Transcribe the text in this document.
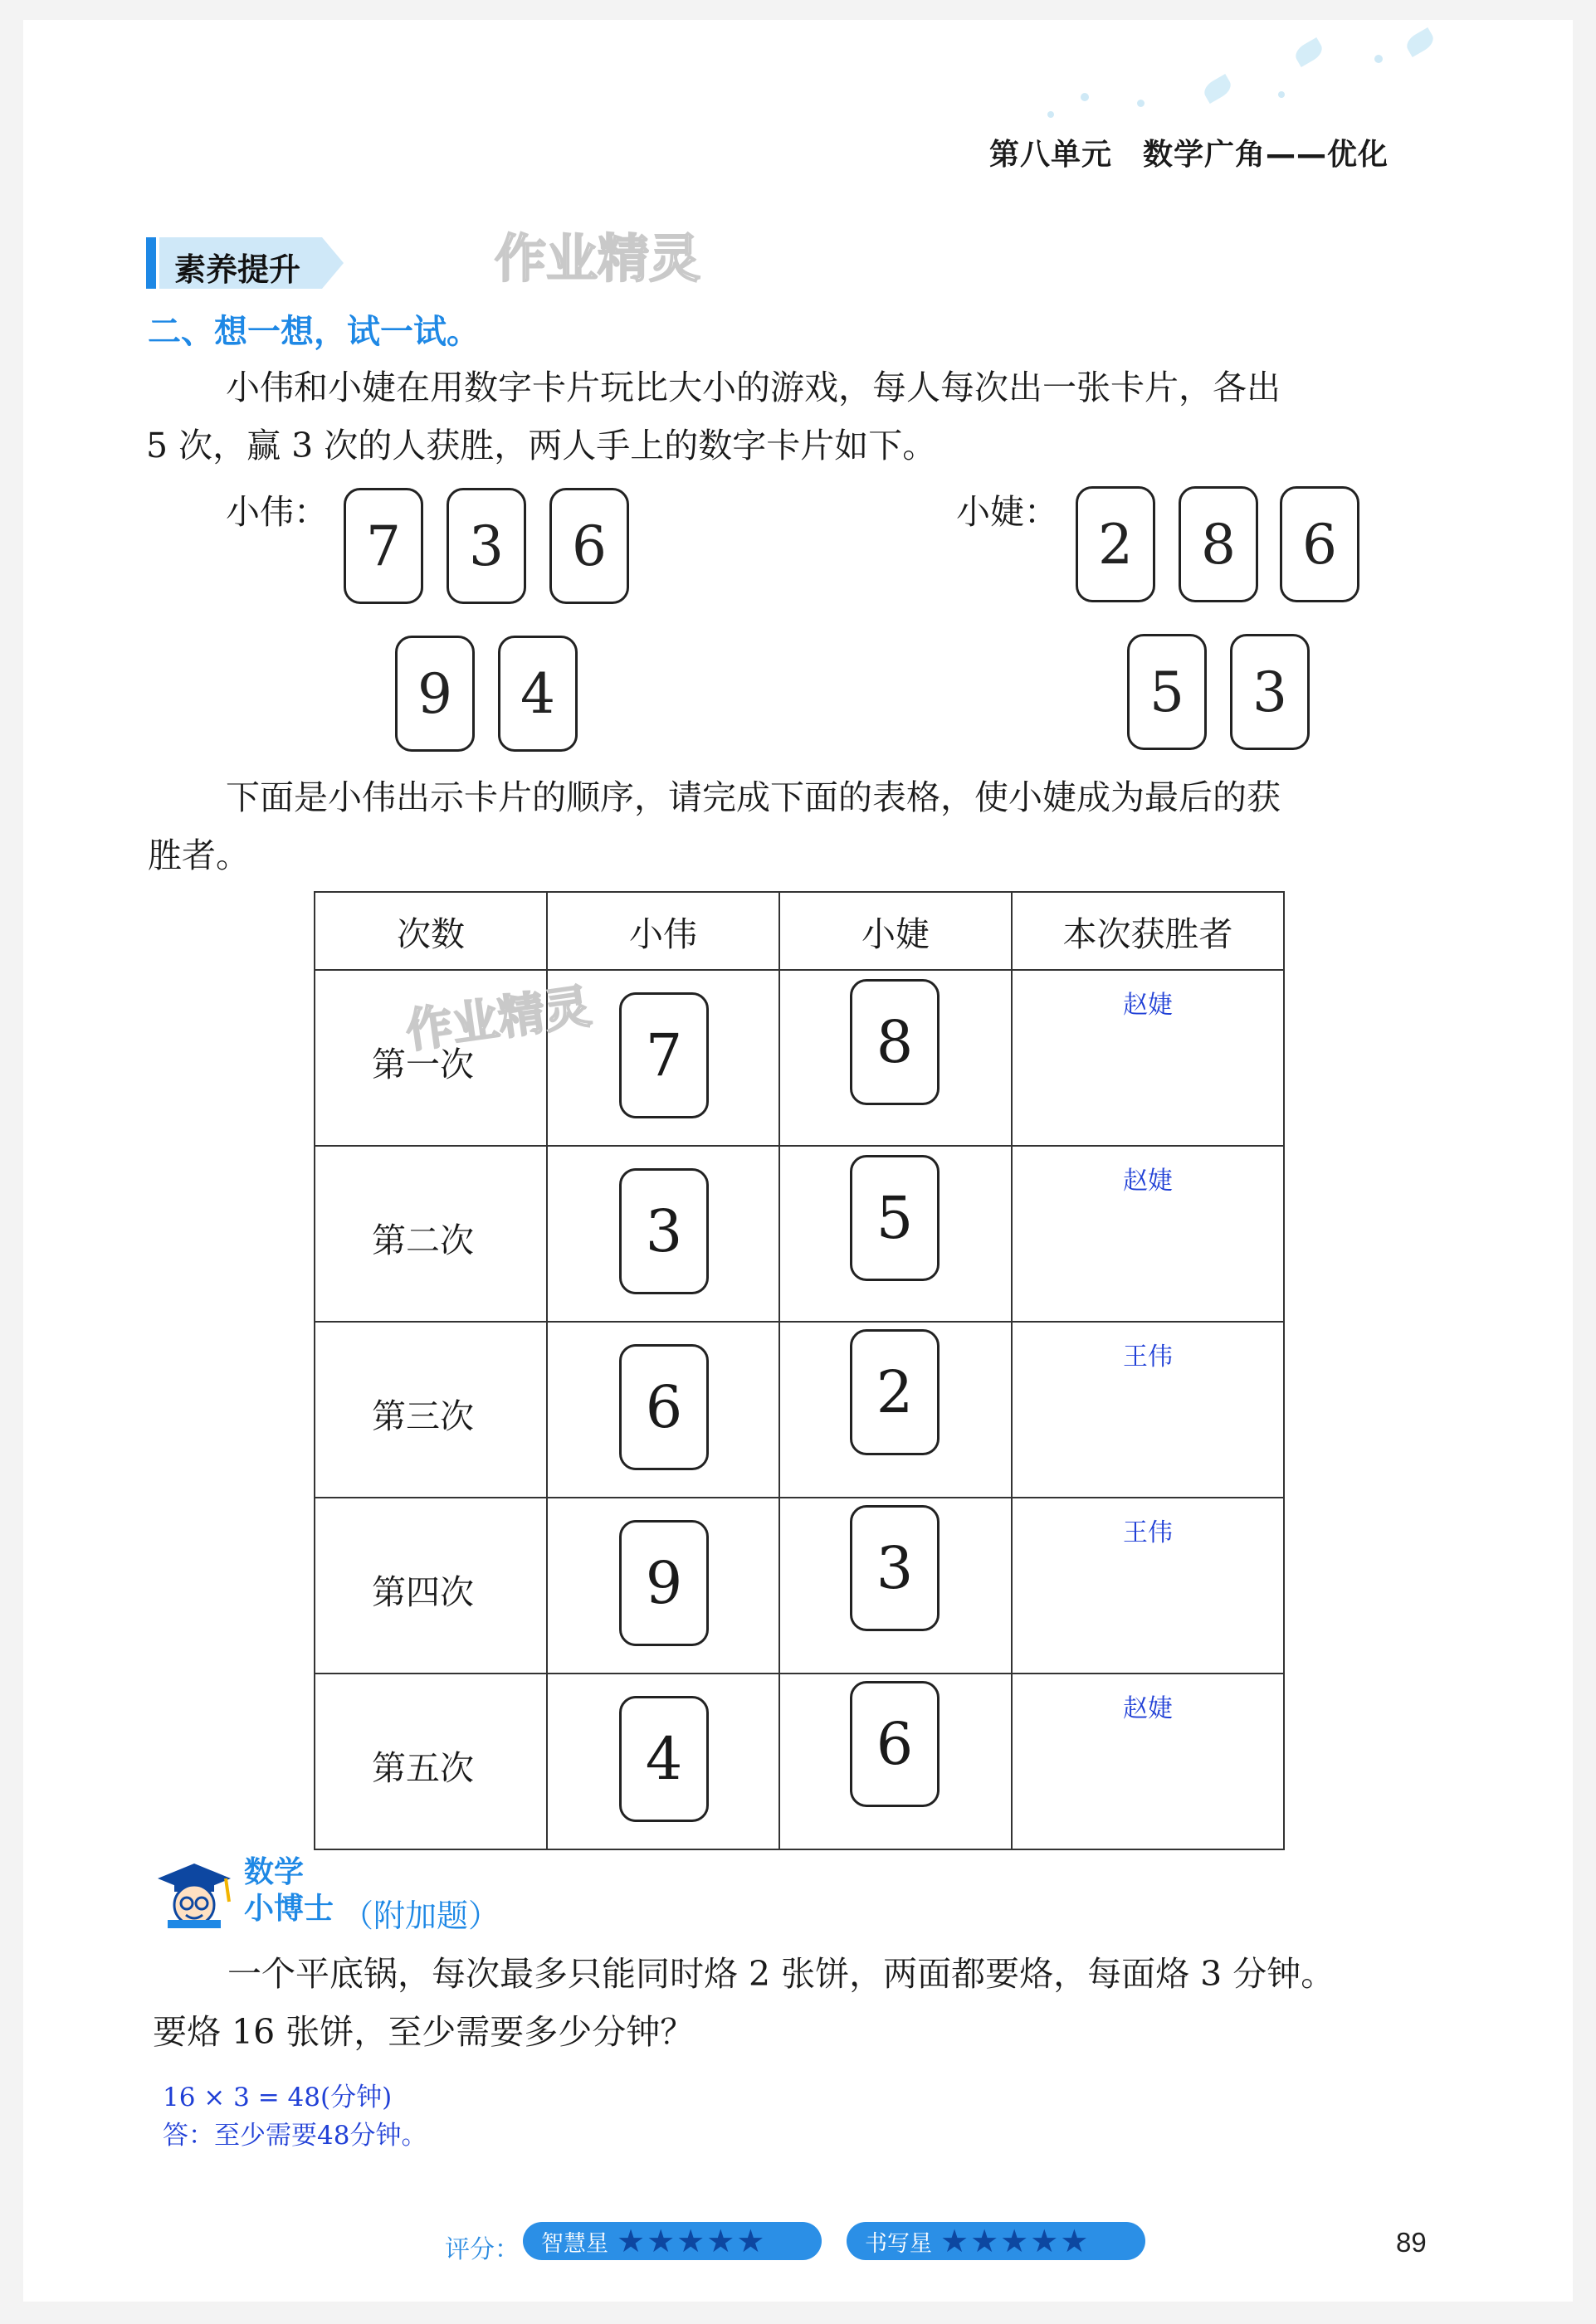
第八单元　数学广角——优化
素养提升	作业精灵
二、想一想，试一试。
小伟和小婕在用数字卡片玩比大小的游戏，每人每次出一张卡片，各出
5 次，赢 3 次的人获胜，两人手上的数字卡片如下。
小伟：
7	3	6
9	4
小婕：
2	8	6
5	3
下面是小伟出示卡片的顺序，请完成下面的表格，使小婕成为最后的获
胜者。
次数	小伟	小婕	本次获胜者

第一次	7	8	赵婕

第二次	3	5	赵婕

第三次	6	2	王伟

第四次	9	3	王伟

第五次	4	6	赵婕
作业精灵
数学
小博士 （附加题）
一个平底锅，每次最多只能同时烙 2 张饼，两面都要烙，每面烙 3 分钟。
要烙 16 张饼，至少需要多少分钟？
16 × 3 = 48(分钟)
答：至少需要48分钟。
评分： 智慧星 ★ ★ ★ ★ ★	书写星 ★ ★ ★ ★ ★	89
